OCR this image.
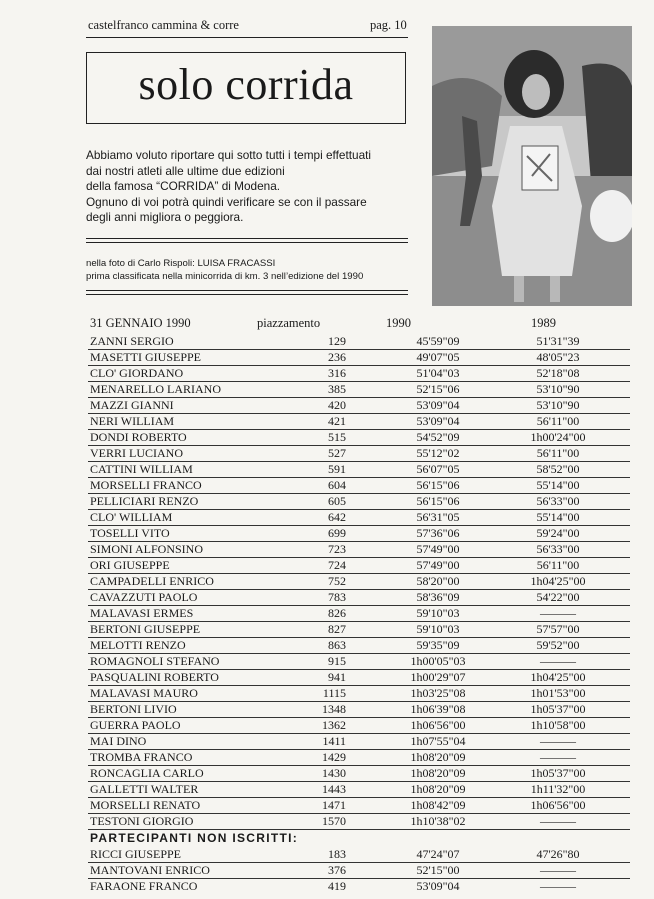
castelfranco cammina & corre	pag. 10
solo corrida
Abbiamo voluto riportare qui sotto tutti i tempi effettuati
dai nostri atleti alle ultime due edizioni
della famosa “CORRIDA” di Modena.
Ognuno di voi potrà quindi verificare se con il passare
degli anni migliora o peggiora.
nella foto di Carlo Rispoli: LUISA FRACASSI
prima classificata nella minicorrida di km. 3 nell’edizione del 1990
31 GENNAIO 1990	piazzamento	1990	1989
ZANNI SERGIO	129	45'59"09	51'31"39
MASETTI GIUSEPPE	236	49'07"05	48'05"23
CLO' GIORDANO	316	51'04"03	52'18"08
MENARELLO LARIANO	385	52'15"06	53'10"90
MAZZI GIANNI	420	53'09"04	53'10"90
NERI WILLIAM	421	53'09"04	56'11"00
DONDI ROBERTO	515	54'52"09	1h00'24"00
VERRI LUCIANO	527	55'12"02	56'11"00
CATTINI WILLIAM	591	56'07"05	58'52"00
MORSELLI FRANCO	604	56'15"06	55'14"00
PELLICIARI RENZO	605	56'15"06	56'33"00
CLO' WILLIAM	642	56'31"05	55'14"00
TOSELLI VITO	699	57'36"06	59'24"00
SIMONI ALFONSINO	723	57'49"00	56'33"00
ORI GIUSEPPE	724	57'49"00	56'11"00
CAMPADELLI ENRICO	752	58'20"00	1h04'25"00
CAVAZZUTI PAOLO	783	58'36"09	54'22"00
MALAVASI ERMES	826	59'10"03	———
BERTONI GIUSEPPE	827	59'10"03	57'57"00
MELOTTI RENZO	863	59'35"09	59'52"00
ROMAGNOLI STEFANO	915	1h00'05"03	———
PASQUALINI ROBERTO	941	1h00'29"07	1h04'25"00
MALAVASI MAURO	1115	1h03'25"08	1h01'53"00
BERTONI LIVIO	1348	1h06'39"08	1h05'37"00
GUERRA PAOLO	1362	1h06'56"00	1h10'58"00
MAI DINO	1411	1h07'55"04	———
TROMBA FRANCO	1429	1h08'20"09	———
RONCAGLIA CARLO	1430	1h08'20"09	1h05'37"00
GALLETTI WALTER	1443	1h08'20"09	1h11'32"00
MORSELLI RENATO	1471	1h08'42"09	1h06'56"00
TESTONI GIORGIO	1570	1h10'38"02	———
PARTECIPANTI NON ISCRITTI:
RICCI GIUSEPPE	183	47'24"07	47'26"80
MANTOVANI ENRICO	376	52'15"00	———
FARAONE FRANCO	419	53'09"04	———
